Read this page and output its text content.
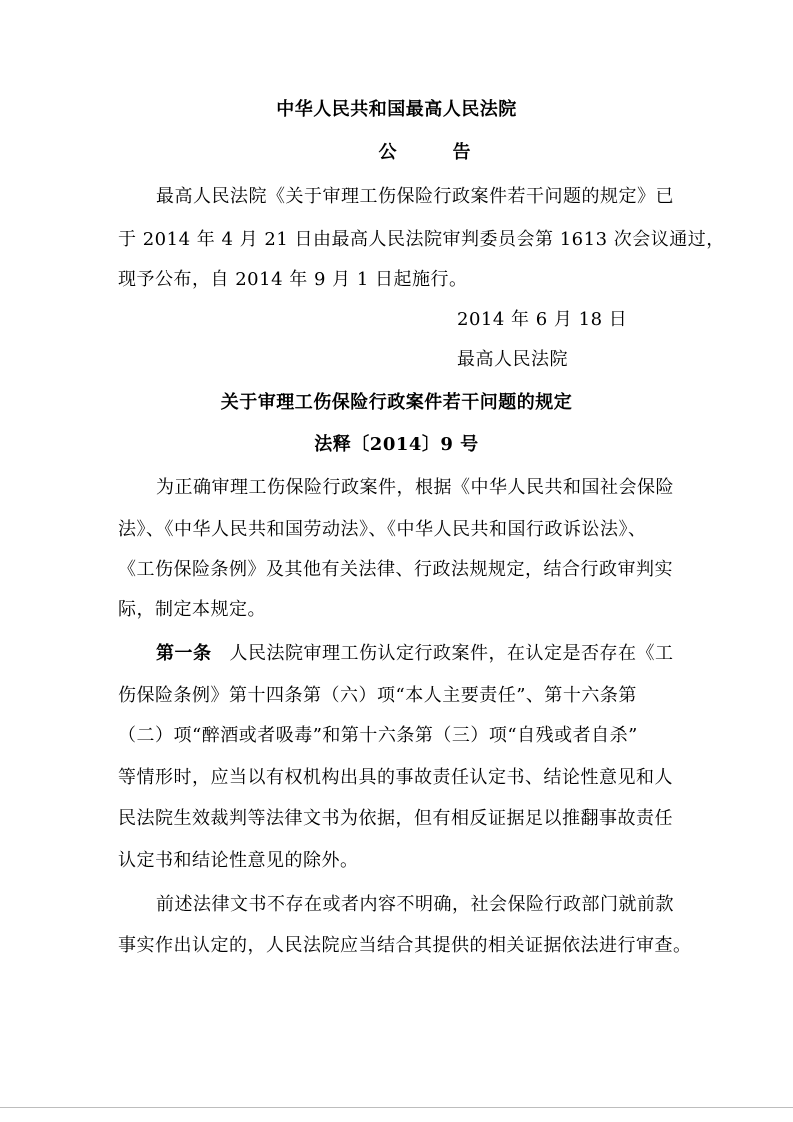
中华人民共和国最高人民法院
公告
最高人民法院《关于审理工伤保险行政案件若干问题的规定》已
于 2014 年 4 月 21 日由最高人民法院审判委员会第 1613 次会议通过，
现予公布，自 2014 年 9 月 1 日起施行。
2014 年 6 月 18 日
最高人民法院
关于审理工伤保险行政案件若干问题的规定
法释〔2014〕9 号
为正确审理工伤保险行政案件，根据《中华人民共和国社会保险
法》、《中华人民共和国劳动法》、《中华人民共和国行政诉讼法》、
《工伤保险条例》及其他有关法律、行政法规规定，结合行政审判实
际，制定本规定。
第一条 人民法院审理工伤认定行政案件，在认定是否存在《工
伤保险条例》第十四条第（六）项“本人主要责任”、第十六条第
（二）项“醉酒或者吸毒”和第十六条第（三）项“自残或者自杀”
等情形时，应当以有权机构出具的事故责任认定书、结论性意见和人
民法院生效裁判等法律文书为依据，但有相反证据足以推翻事故责任
认定书和结论性意见的除外。
前述法律文书不存在或者内容不明确，社会保险行政部门就前款
事实作出认定的，人民法院应当结合其提供的相关证据依法进行审查。
